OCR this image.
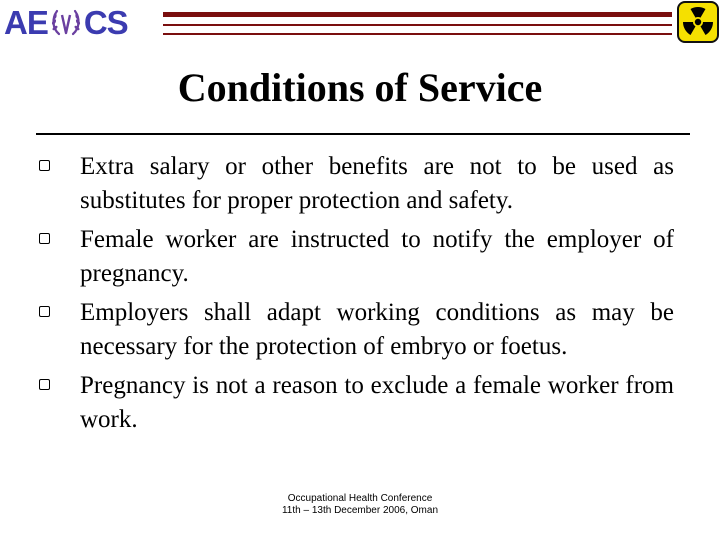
AE CS
Conditions of Service
Extra salary or other benefits are not to be used as substitutes for proper protection and safety.
Female worker are instructed to notify the employer of pregnancy.
Employers shall adapt working conditions as may be necessary for the protection of embryo or foetus.
Pregnancy is not a reason to exclude a female worker from work.
Occupational Health Conference
11th – 13th December 2006, Oman
